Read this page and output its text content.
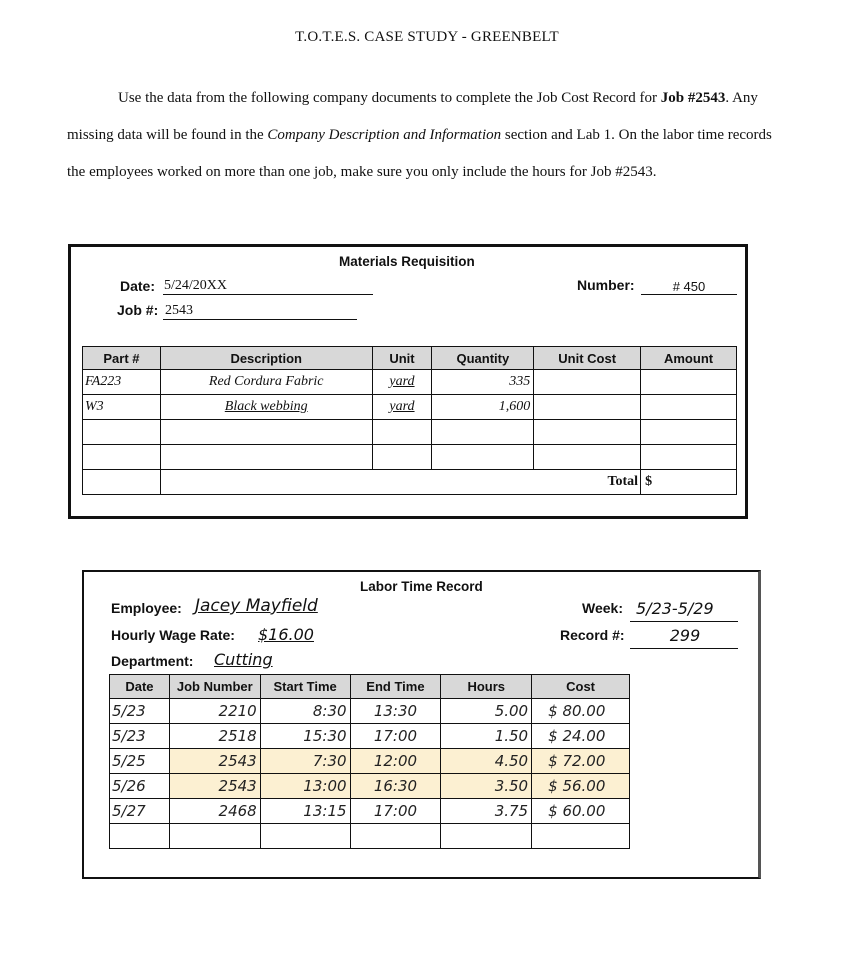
T.O.T.E.S. CASE STUDY - GREENBELT
Use the data from the following company documents to complete the Job Cost Record for Job #2543. Any missing data will be found in the Company Description and Information section and Lab 1. On the labor time records the employees worked on more than one job, make sure you only include the hours for Job #2543.
Materials Requisition
Date: 5/24/20XX
Job #: 2543
Number:	# 450
Part #	Description	Unit	Quantity	Unit Cost	Amount
FA223	Red Cordura Fabric	yard	335		
W3	Black webbing	yard	1,600		

	Total				$
Labor Time Record
Employee: Jacey Mayfield
Hourly Wage Rate: $16.00
Department: Cutting
Week: 5/23-5/29
Record #:	299
Date	Job Number	Start Time	End Time	Hours	Cost
5/23	2210	8:30	13:30	5.00	$ 80.00
5/23	2518	15:30	17:00	1.50	$ 24.00
5/25	2543	7:30	12:00	4.50	$ 72.00
5/26	2543	13:00	16:30	3.50	$ 56.00
5/27	2468	13:15	17:00	3.75	$ 60.00
